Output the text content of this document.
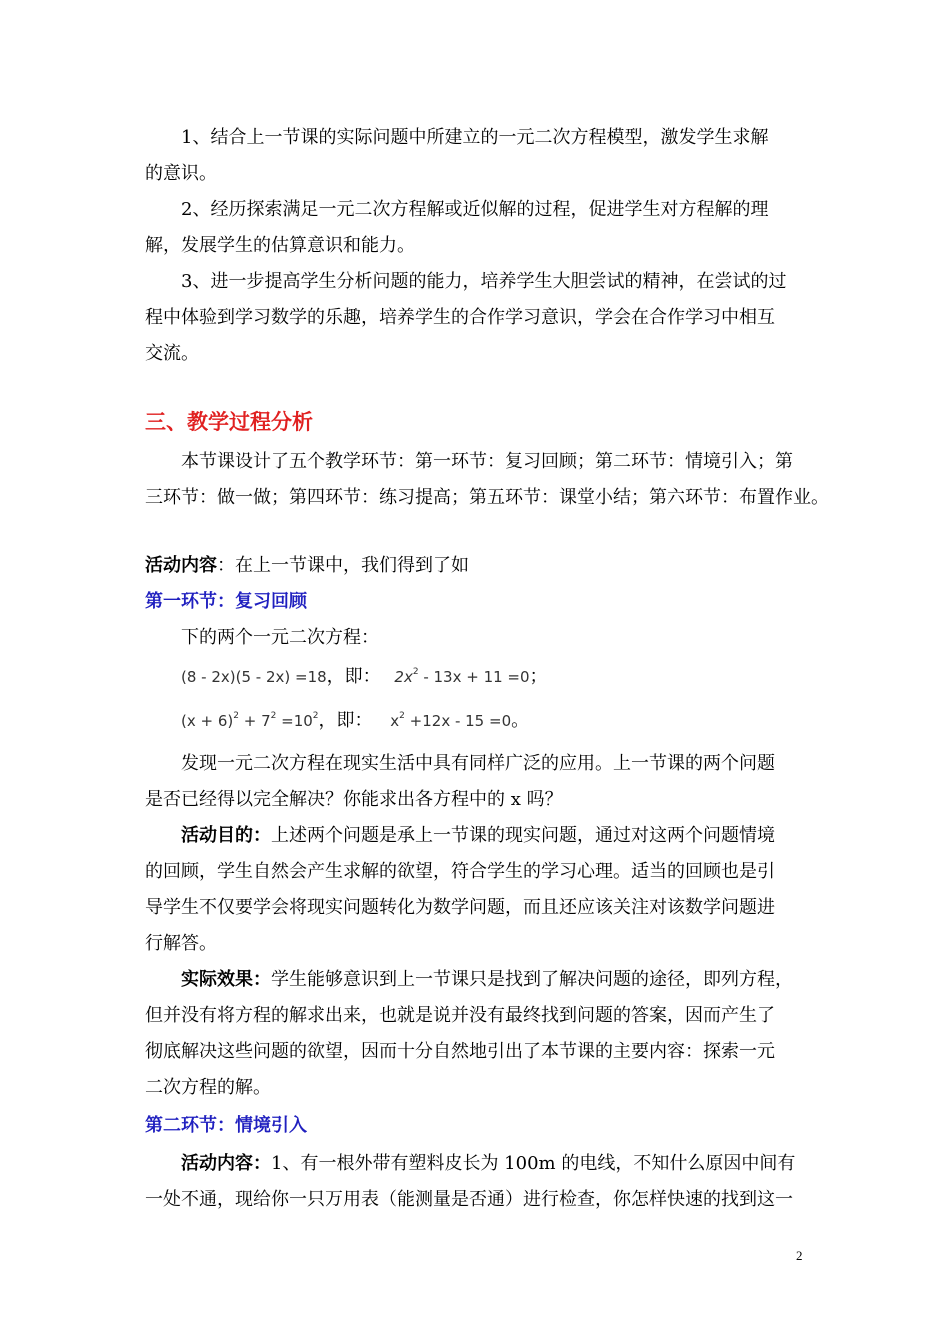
1、结合上一节课的实际问题中所建立的一元二次方程模型，激发学生求解
的意识。
2、经历探索满足一元二次方程解或近似解的过程，促进学生对方程解的理
解，发展学生的估算意识和能力。
3、进一步提高学生分析问题的能力，培养学生大胆尝试的精神，在尝试的过
程中体验到学习数学的乐趣，培养学生的合作学习意识，学会在合作学习中相互
交流。
三、教学过程分析
本节课设计了五个教学环节：第一环节：复习回顾；第二环节：情境引入；第
三环节：做一做；第四环节：练习提高；第五环节：课堂小结；第六环节：布置作业。
活动内容：在上一节课中，我们得到了如
第一环节：复习回顾
下的两个一元二次方程：
(8 - 2x)(5 - 2x) =18，即： $2x^2 - 13x + 11 =0$；
$(x + 6)^2 + 7^2 =10^2$，即： $x^2 +12x - 15 =0$。
发现一元二次方程在现实生活中具有同样广泛的应用。上一节课的两个问题
是否已经得以完全解决？你能求出各方程中的 x 吗？
活动目的：上述两个问题是承上一节课的现实问题，通过对这两个问题情境
的回顾，学生自然会产生求解的欲望，符合学生的学习心理。适当的回顾也是引
导学生不仅要学会将现实问题转化为数学问题，而且还应该关注对该数学问题进
行解答。
实际效果：学生能够意识到上一节课只是找到了解决问题的途径，即列方程，
但并没有将方程的解求出来，也就是说并没有最终找到问题的答案，因而产生了
彻底解决这些问题的欲望，因而十分自然地引出了本节课的主要内容：探索一元
二次方程的解。
第二环节：情境引入
活动内容：1、有一根外带有塑料皮长为 100m 的电线，不知什么原因中间有
一处不通，现给你一只万用表（能测量是否通）进行检查，你怎样快速的找到这一
2
